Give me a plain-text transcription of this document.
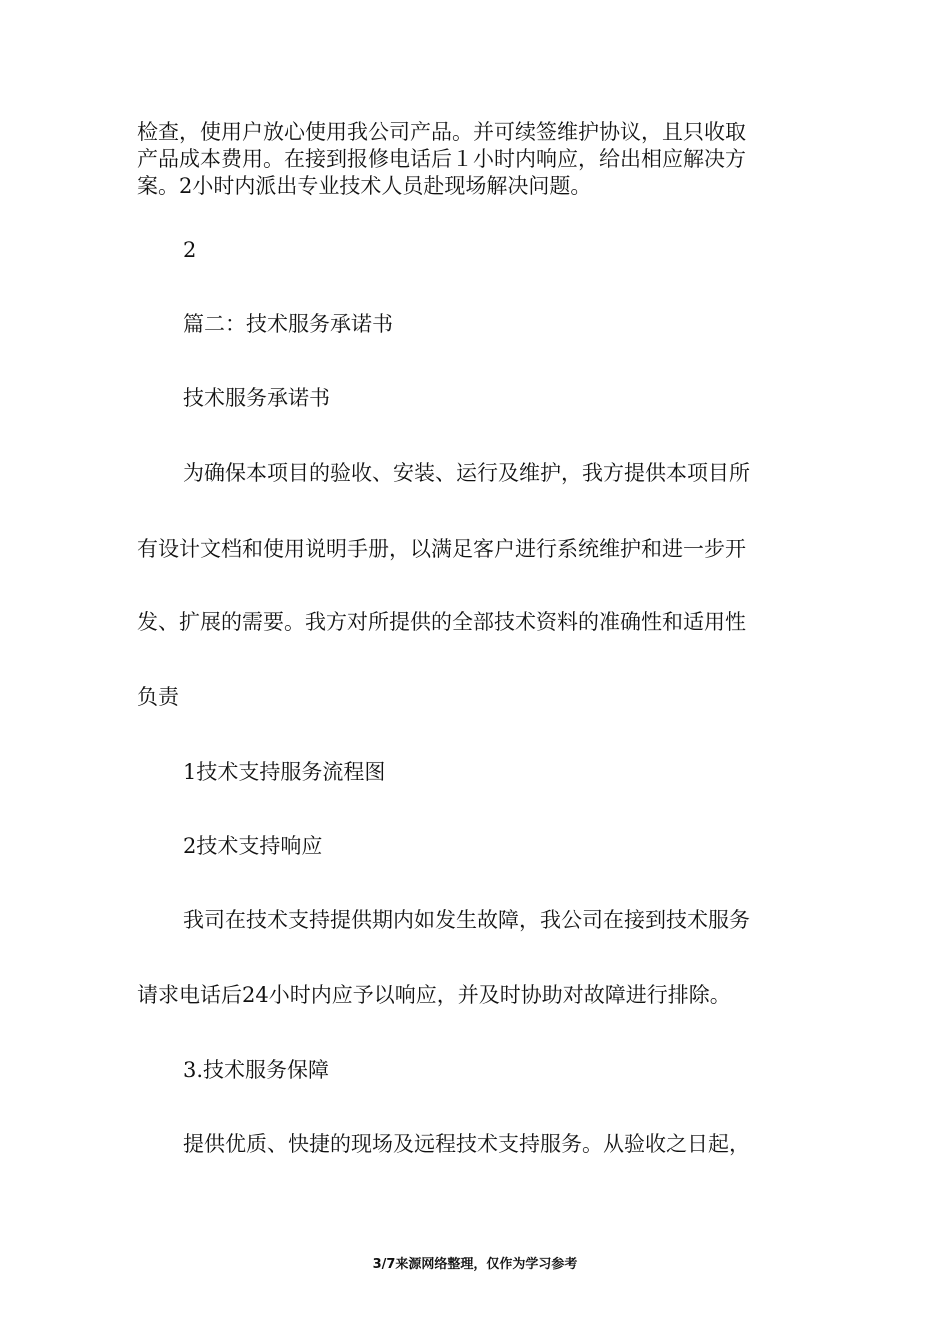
检查，使用户放心使用我公司产品。并可续签维护协议，且只收取

产品成本费用。在接到报修电话后１小时内响应，给出相应解决方

案。2小时内派出专业技术人员赴现场解决问题。

2

篇二：技术服务承诺书

技术服务承诺书

为确保本项目的验收、安装、运行及维护，我方提供本项目所

有设计文档和使用说明手册，以满足客户进行系统维护和进一步开

发、扩展的需要。我方对所提供的全部技术资料的准确性和适用性

负责

1技术支持服务流程图

2技术支持响应

我司在技术支持提供期内如发生故障，我公司在接到技术服务

请求电话后24小时内应予以响应，并及时协助对故障进行排除。

3.技术服务保障

提供优质、快捷的现场及远程技术支持服务。从验收之日起，

3/7来源网络整理，仅作为学习参考
